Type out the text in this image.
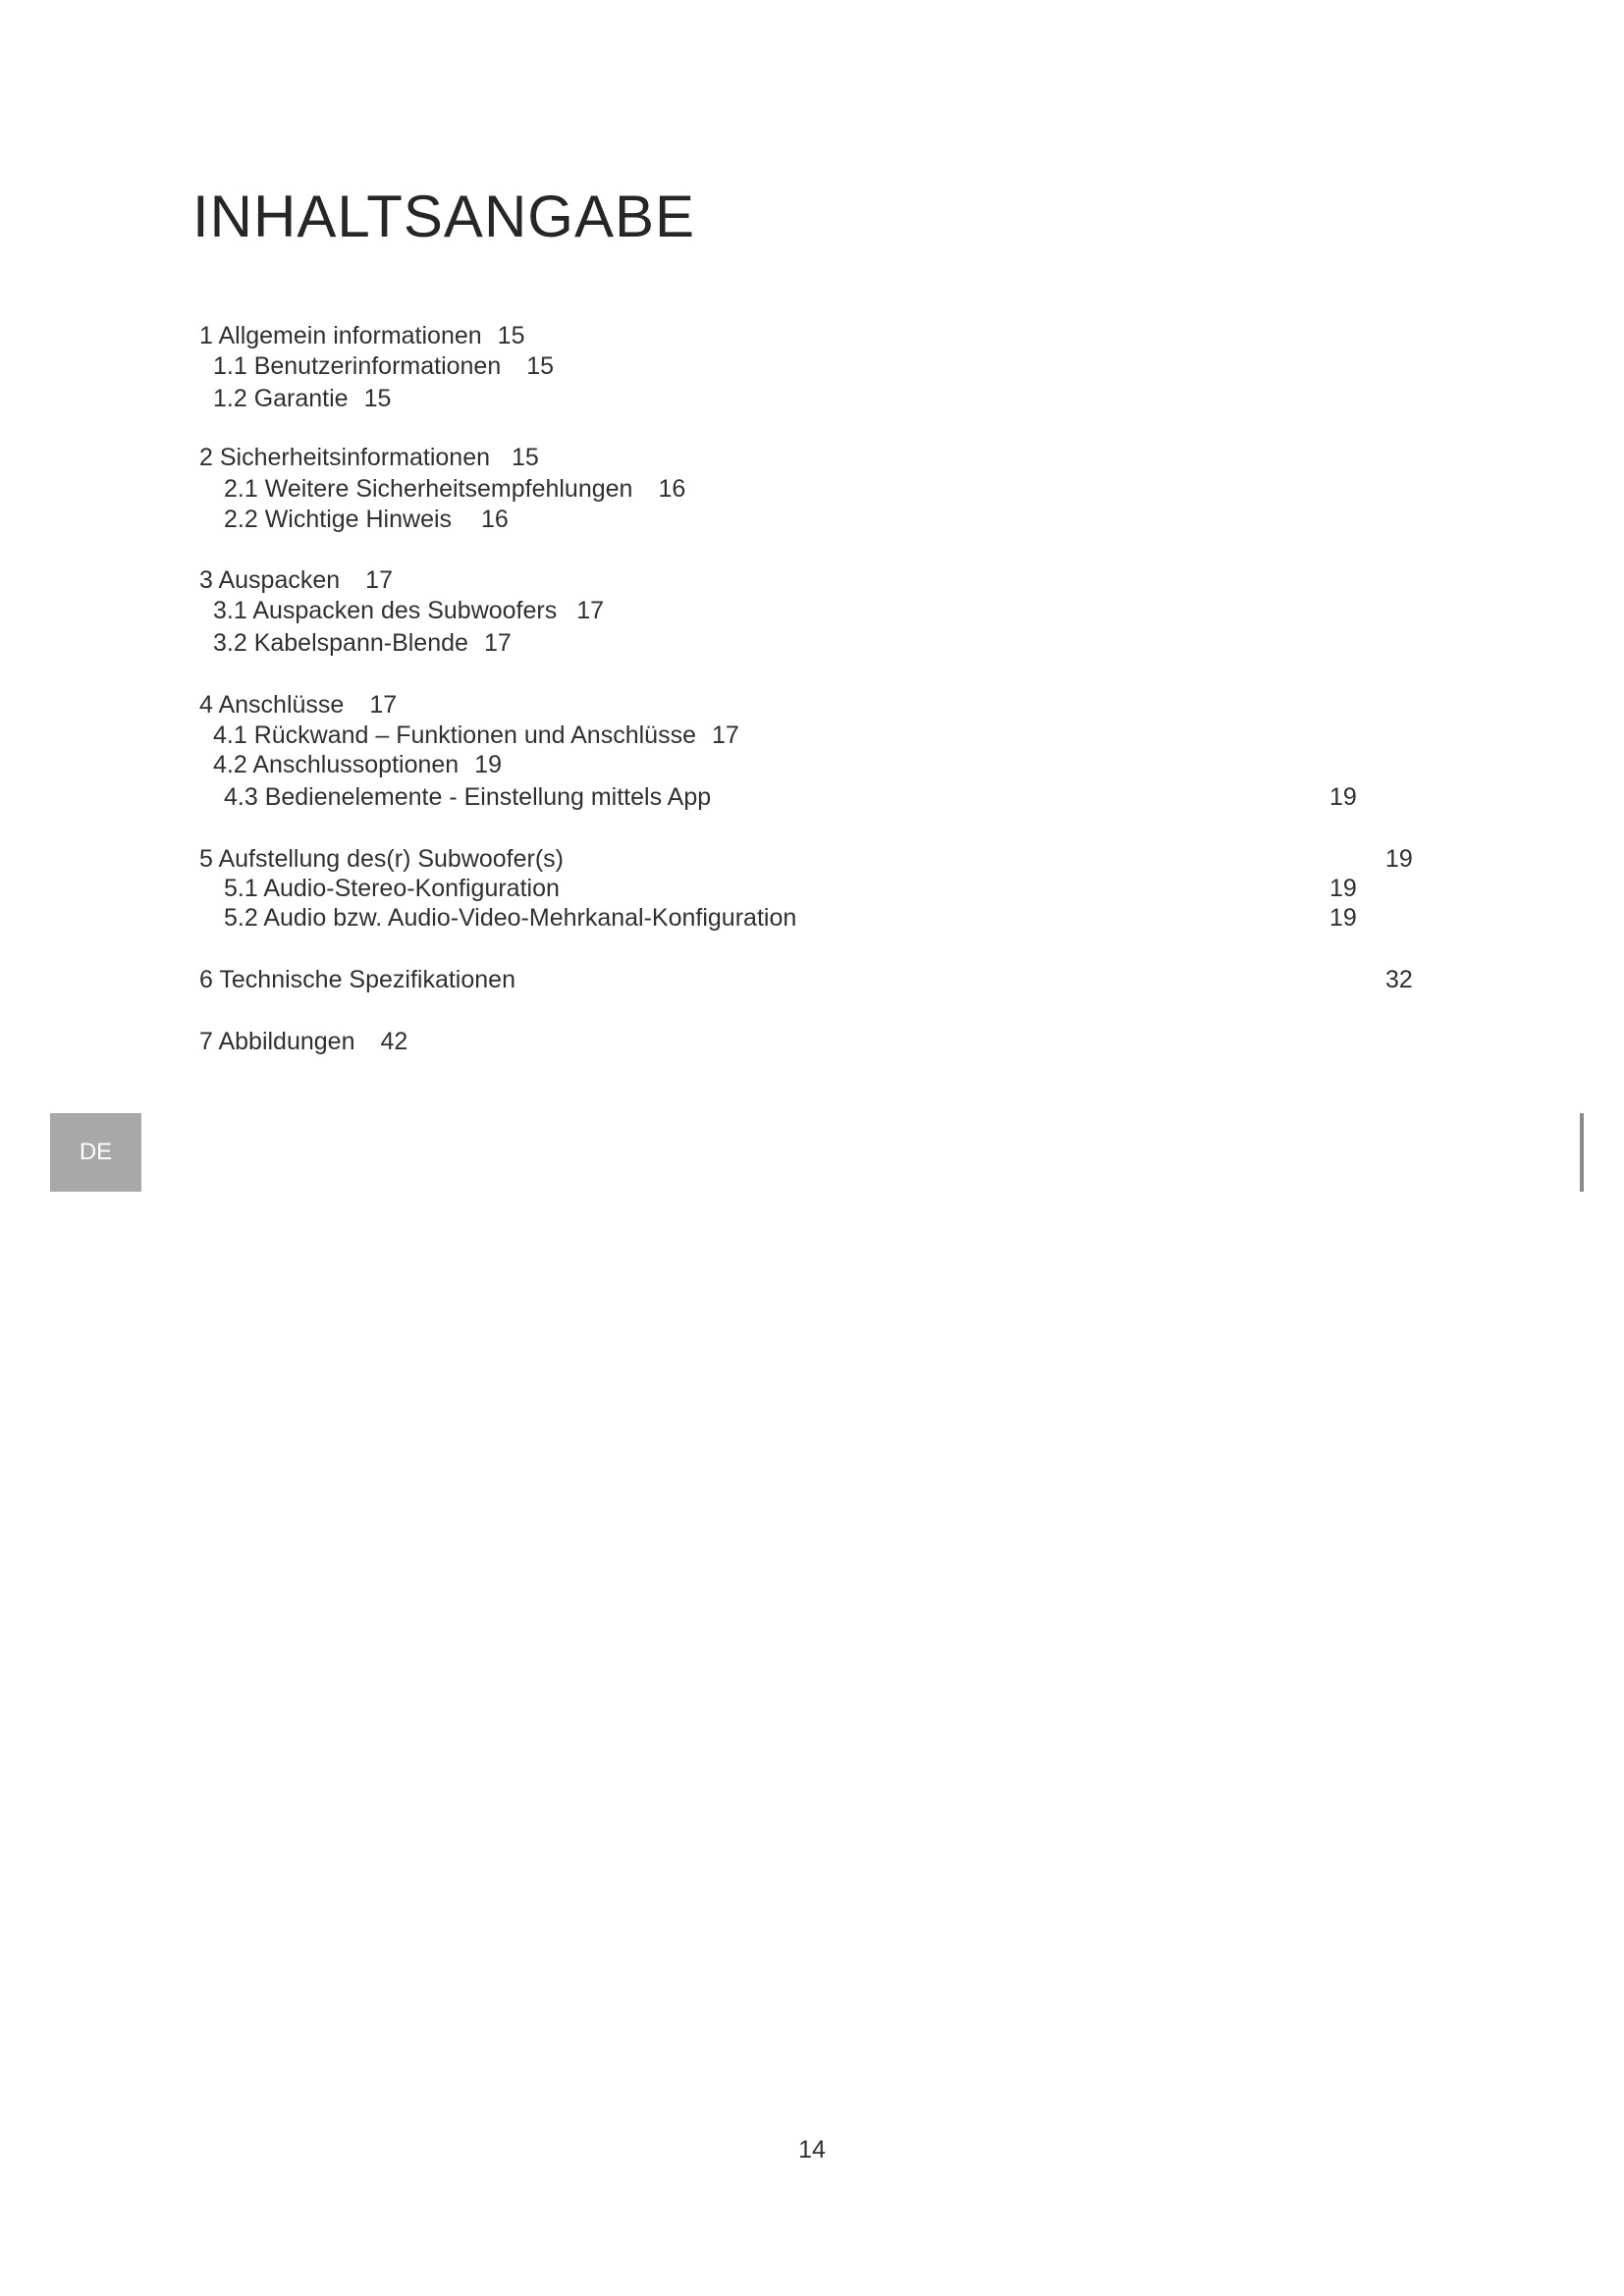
INHALTSANGABE
1 Allgemein informationen 15
1.1 Benutzerinformationen 15
1.2 Garantie 15
2 Sicherheitsinformationen 15
2.1 Weitere Sicherheitsempfehlungen 16
2.2 Wichtige Hinweis 16
3 Auspacken 17
3.1 Auspacken des Subwoofers 17
3.2 Kabelspann-Blende 17
4 Anschlüsse 17
4.1 Rückwand – Funktionen und Anschlüsse 17
4.2 Anschlussoptionen 19
4.3 Bedienelemente - Einstellung mittels App	19
5 Aufstellung des(r) Subwoofer(s)	19
5.1 Audio-Stereo-Konfiguration	19
5.2 Audio bzw. Audio-Video-Mehrkanal-Konfiguration	19
6 Technische Spezifikationen	32
7 Abbildungen 42
DE
14
